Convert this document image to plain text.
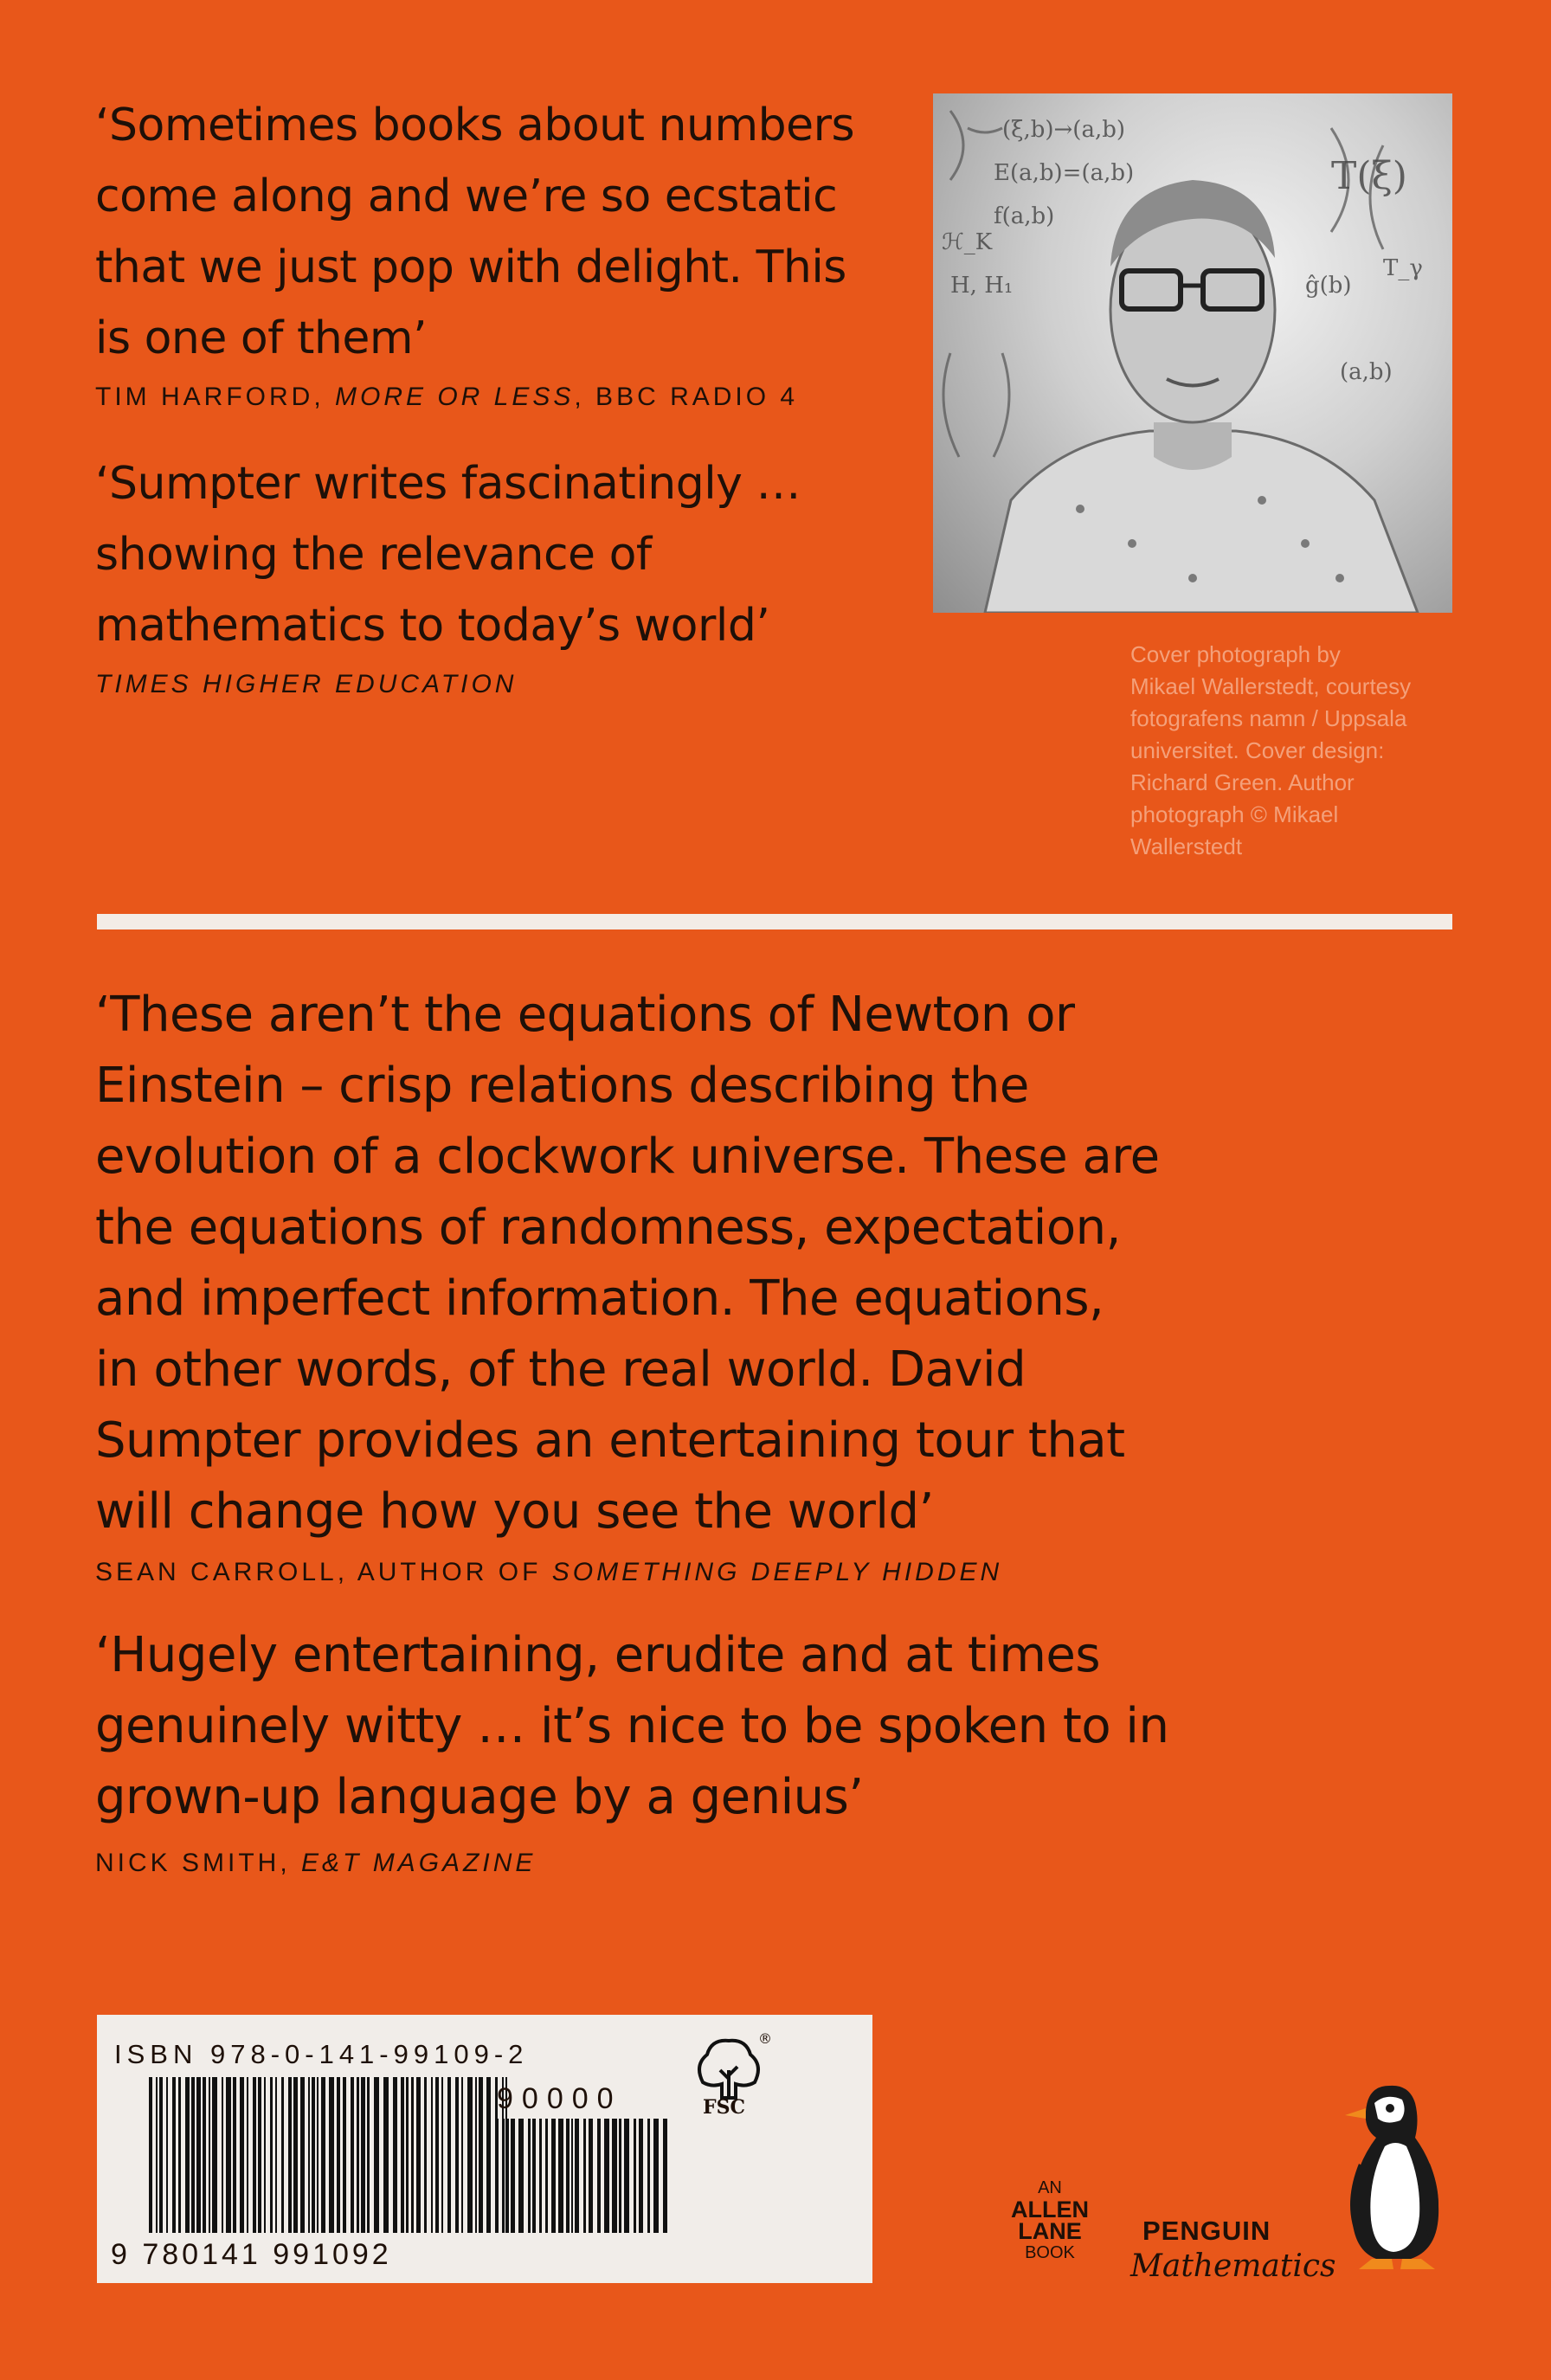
‘Sometimes books about numbers
come along and we’re so ecstatic
that we just pop with delight. This
is one of them’

TIM HARFORD, MORE OR LESS, BBC RADIO 4

‘Sumpter writes fascinatingly …
showing the relevance of
mathematics to today’s world’

TIMES HIGHER EDUCATION

(ξ,b)→(a,b)
E(a,b)=(a,b)
f(a,b)
T(ξ)
ĝ(b)
T_γ
(a,b)
H, H₁
ℋ_K
Cover photograph by
Mikael Wallerstedt, courtesy
fotografens namn / Uppsala
universitet. Cover design:
Richard Green. Author
photograph © Mikael
Wallerstedt

‘These aren’t the equations of Newton or
Einstein – crisp relations describing the
evolution of a clockwork universe. These are
the equations of randomness, expectation,
and imperfect information. The equations,
in other words, of the real world. David
Sumpter provides an entertaining tour that
will change how you see the world’

SEAN CARROLL, AUTHOR OF SOMETHING DEEPLY HIDDEN

‘Hugely entertaining, erudite and at times
genuinely witty … it’s nice to be spoken to in
grown-up language by a genius’

NICK SMITH, E&T MAGAZINE

ISBN 978-0-141-99109-2
9 780141 991092
90000	FSC
®
AN
ALLEN
LANE
BOOK
PENGUIN
Mathematics
